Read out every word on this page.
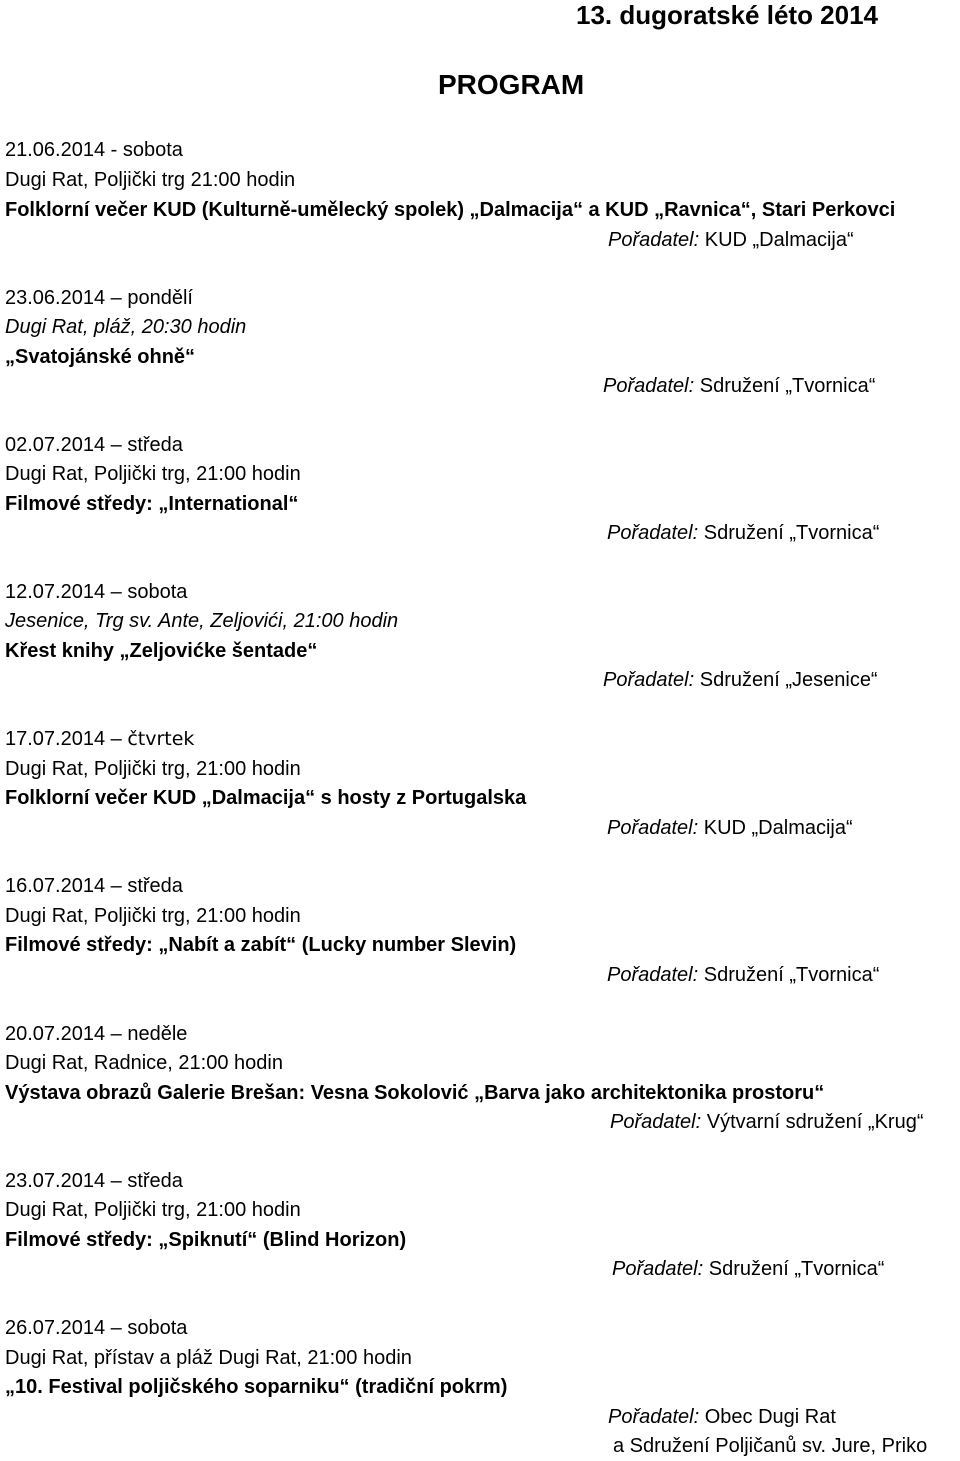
13. dugoratské léto 2014
PROGRAM
21.06.2014 - sobota
Dugi Rat, Poljički trg 21:00 hodin
Folklorní večer KUD (Kulturně-umělecký spolek) „Dalmacija“ a KUD „Ravnica“, Stari Perkovci
Pořadatel: KUD „Dalmacija“
23.06.2014 – pondělí
Dugi Rat, pláž, 20:30 hodin
„Svatojánské ohně“
Pořadatel: Sdružení „Tvornica“
02.07.2014 – středa
Dugi Rat, Poljički trg, 21:00 hodin
Filmové středy: „International“
Pořadatel: Sdružení „Tvornica“
12.07.2014 – sobota
Jesenice, Trg sv. Ante, Zeljovići, 21:00 hodin
Křest knihy „Zeljovićke šentade“
Pořadatel: Sdružení „Jesenice“
17.07.2014 – čtvrtek
Dugi Rat, Poljički trg, 21:00 hodin
Folklorní večer KUD „Dalmacija“ s hosty z Portugalska
Pořadatel: KUD „Dalmacija“
16.07.2014 – středa
Dugi Rat, Poljički trg, 21:00 hodin
Filmové středy: „Nabít a zabít“ (Lucky number Slevin)
Pořadatel: Sdružení „Tvornica“
20.07.2014 – neděle
Dugi Rat, Radnice, 21:00 hodin
Výstava obrazů Galerie Brešan: Vesna Sokolović „Barva jako architektonika prostoru“
Pořadatel: Výtvarní sdružení „Krug“
23.07.2014 – středa
Dugi Rat, Poljički trg, 21:00 hodin
Filmové středy: „Spiknutí“ (Blind Horizon)
Pořadatel: Sdružení „Tvornica“
26.07.2014 – sobota
Dugi Rat, přístav a pláž Dugi Rat, 21:00 hodin
„10. Festival poljičského soparniku“ (tradiční pokrm)
Pořadatel: Obec Dugi Rat
a Sdružení Poljičanů sv. Jure, Priko
